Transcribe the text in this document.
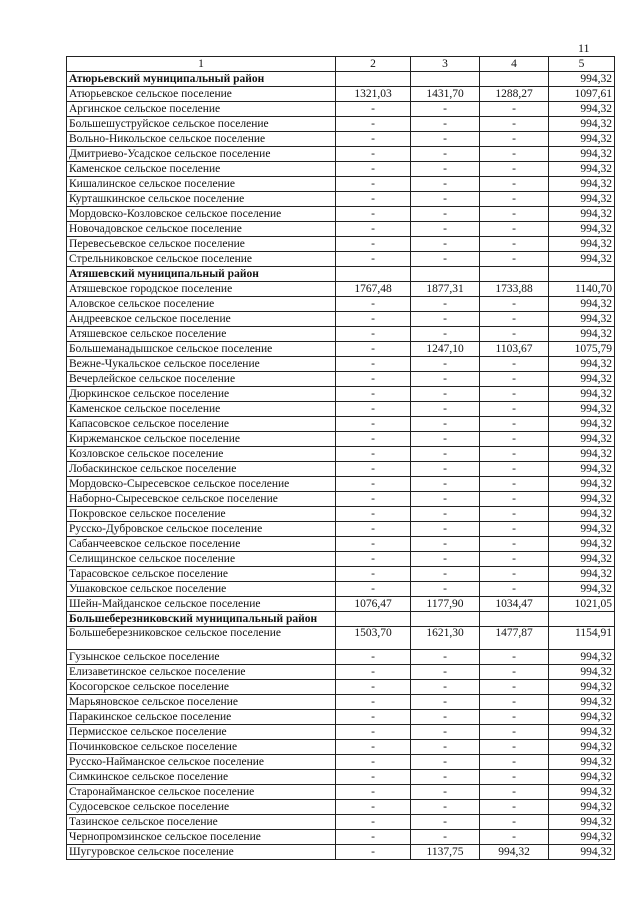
11
1	2	3	4	5
Атюрьевский муниципальный район				994,32
Атюрьевское сельское поселение	1321,03	1431,70	1288,27	1097,61
Аргинское сельское поселение	-	-	-	994,32
Большешуструйское сельское поселение	-	-	-	994,32
Вольно-Никольское сельское поселение	-	-	-	994,32
Дмитриево-Усадское сельское поселение	-	-	-	994,32
Каменское сельское поселение	-	-	-	994,32
Кишалинское сельское поселение	-	-	-	994,32
Курташкинское сельское поселение	-	-	-	994,32
Мордовско-Козловское сельское поселение	-	-	-	994,32
Новочадовское сельское поселение	-	-	-	994,32
Перевесьевское сельское поселение	-	-	-	994,32
Стрельниковское сельское поселение	-	-	-	994,32
Атяшевский муниципальный район				
Атяшевское городское поселение	1767,48	1877,31	1733,88	1140,70
Аловское сельское поселение	-	-	-	994,32
Андреевское сельское поселение	-	-	-	994,32
Атяшевское сельское поселение	-	-	-	994,32
Большеманадышское сельское поселение	-	1247,10	1103,67	1075,79
Вежне-Чукальское сельское поселение	-	-	-	994,32
Вечерлейское сельское поселение	-	-	-	994,32
Дюркинское сельское поселение	-	-	-	994,32
Каменское сельское поселение	-	-	-	994,32
Капасовское сельское поселение	-	-	-	994,32
Киржеманское сельское поселение	-	-	-	994,32
Козловское сельское поселение	-	-	-	994,32
Лобаскинское сельское поселение	-	-	-	994,32
Мордовско-Сыресевское сельское поселение	-	-	-	994,32
Наборно-Сыресевское сельское поселение	-	-	-	994,32
Покровское сельское поселение	-	-	-	994,32
Русско-Дубровское сельское поселение	-	-	-	994,32
Сабанчеевское сельское поселение	-	-	-	994,32
Селищинское сельское поселение	-	-	-	994,32
Тарасовское сельское поселение	-	-	-	994,32
Ушаковское сельское поселение	-	-	-	994,32
Шейн-Майданское сельское поселение	1076,47	1177,90	1034,47	1021,05
Большеберезниковский муниципальный район				
Большеберезниковское сельское поселение	1503,70	1621,30	1477,87	1154,91
Гузынское сельское поселение	-	-	-	994,32
Елизаветинское сельское поселение	-	-	-	994,32
Косогорское сельское поселение	-	-	-	994,32
Марьяновское сельское поселение	-	-	-	994,32
Паракинское сельское поселение	-	-	-	994,32
Пермисское сельское поселение	-	-	-	994,32
Починковское сельское поселение	-	-	-	994,32
Русско-Найманское сельское поселение	-	-	-	994,32
Симкинское сельское поселение	-	-	-	994,32
Старонайманское сельское поселение	-	-	-	994,32
Судосевское сельское поселение	-	-	-	994,32
Тазинское сельское поселение	-	-	-	994,32
Чернопромзинское сельское поселение	-	-	-	994,32
Шугуровское сельское поселение	-	1137,75	994,32	994,32
